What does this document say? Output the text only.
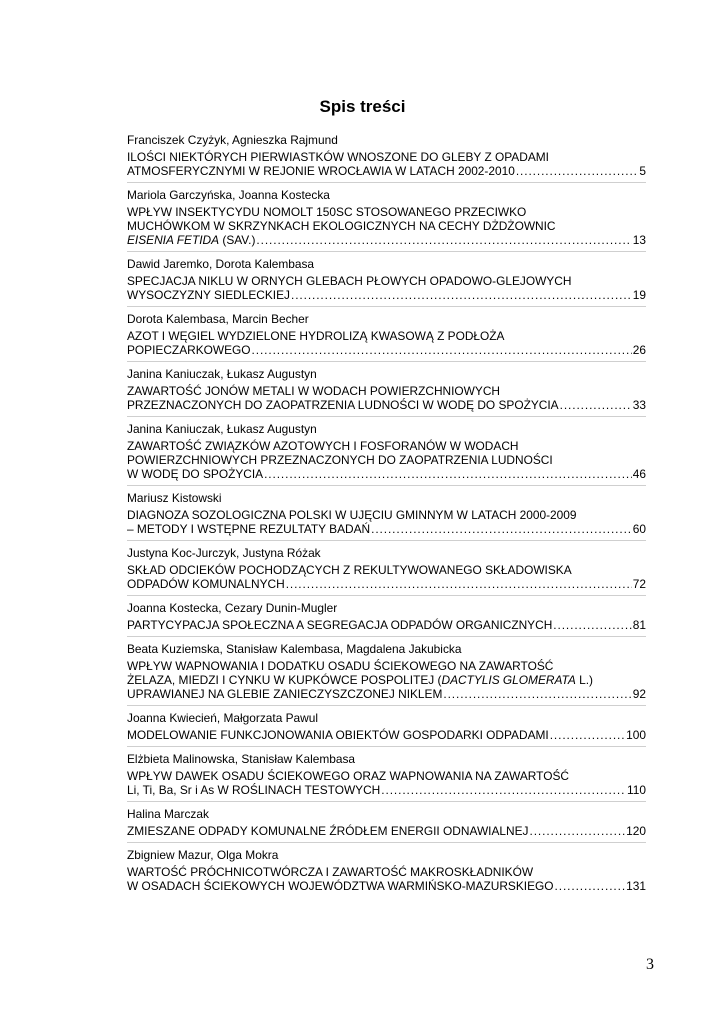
Spis treści
Franciszek Czyżyk, Agnieszka Rajmund
ILOŚCI NIEKTÓRYCH PIERWIASTKÓW WNOSZONE DO GLEBY Z OPADAMI
ATMOSFERYCZNYMI W REJONIE WROCŁAWIA W LATACH 2002-2010 . . .	5
Mariola Garczyńska, Joanna Kostecka
WPŁYW INSEKTYCYDU NOMOLT 150SC STOSOWANEGO PRZECIWKO
MUCHÓWKOM W SKRZYNKACH EKOLOGICZNYCH NA CECHY DŻDŻOWNIC
EISENIA FETIDA (SAV.) . . .	13
Dawid Jaremko, Dorota Kalembasa
SPECJACJA NIKLU W ORNYCH GLEBACH PŁOWYCH OPADOWO-GLEJOWYCH
WYSOCZYZNY SIEDLECKIEJ . . .	19
Dorota Kalembasa, Marcin Becher
AZOT I WĘGIEL WYDZIELONE HYDROLIZĄ KWASOWĄ Z PODŁOŻA
POPIECZARKOWEGO . . .	26
Janina Kaniuczak, Łukasz Augustyn
ZAWARTOŚĆ JONÓW METALI W WODACH POWIERZCHNIOWYCH
PRZEZNACZONYCH DO ZAOPATRZENIA LUDNOŚCI W WODĘ DO SPOŻYCIA . . .	33
Janina Kaniuczak, Łukasz Augustyn
ZAWARTOŚĆ ZWIĄZKÓW AZOTOWYCH I FOSFORANÓW W WODACH
POWIERZCHNIOWYCH PRZEZNACZONYCH DO ZAOPATRZENIA LUDNOŚCI
W WODĘ DO SPOŻYCIA . . .	46
Mariusz Kistowski
DIAGNOZA SOZOLOGICZNA POLSKI W UJĘCIU GMINNYM W LATACH 2000-2009
– METODY I WSTĘPNE REZULTATY BADAŃ . . .	60
Justyna Koc-Jurczyk, Justyna Różak
SKŁAD ODCIEKÓW POCHODZĄCYCH Z REKULTYWOWANEGO SKŁADOWISKA
ODPADÓW KOMUNALNYCH . . .	72
Joanna Kostecka, Cezary Dunin-Mugler
PARTYCYPACJA SPOŁECZNA A SEGREGACJA ODPADÓW ORGANICZNYCH . . .	81
Beata Kuziemska, Stanisław Kalembasa, Magdalena Jakubicka
WPŁYW WAPNOWANIA I DODATKU OSADU ŚCIEKOWEGO NA ZAWARTOŚĆ
ŻELAZA, MIEDZI I CYNKU W KUPKÓWCE POSPOLITEJ (DACTYLIS GLOMERATA L.)
UPRAWIANEJ NA GLEBIE ZANIECZYSZCZONEJ NIKLEM . . .	92
Joanna Kwiecień, Małgorzata Pawul
MODELOWANIE FUNKCJONOWANIA OBIEKTÓW GOSPODARKI ODPADAMI . . .	100
Elżbieta Malinowska, Stanisław Kalembasa
WPŁYW DAWEK OSADU ŚCIEKOWEGO ORAZ WAPNOWANIA NA ZAWARTOŚĆ
Li, Ti, Ba, Sr i As W ROŚLINACH TESTOWYCH . . .	110
Halina Marczak
ZMIESZANE ODPADY KOMUNALNE ŹRÓDŁEM ENERGII ODNAWIALNEJ . . .	120
Zbigniew Mazur, Olga Mokra
WARTOŚĆ PRÓCHNICOTWÓRCZA I ZAWARTOŚĆ MAKROSKŁADNIKÓW
W OSADACH ŚCIEKOWYCH WOJEWÓDZTWA WARMIŃSKO-MAZURSKIEGO . . .	131
3
